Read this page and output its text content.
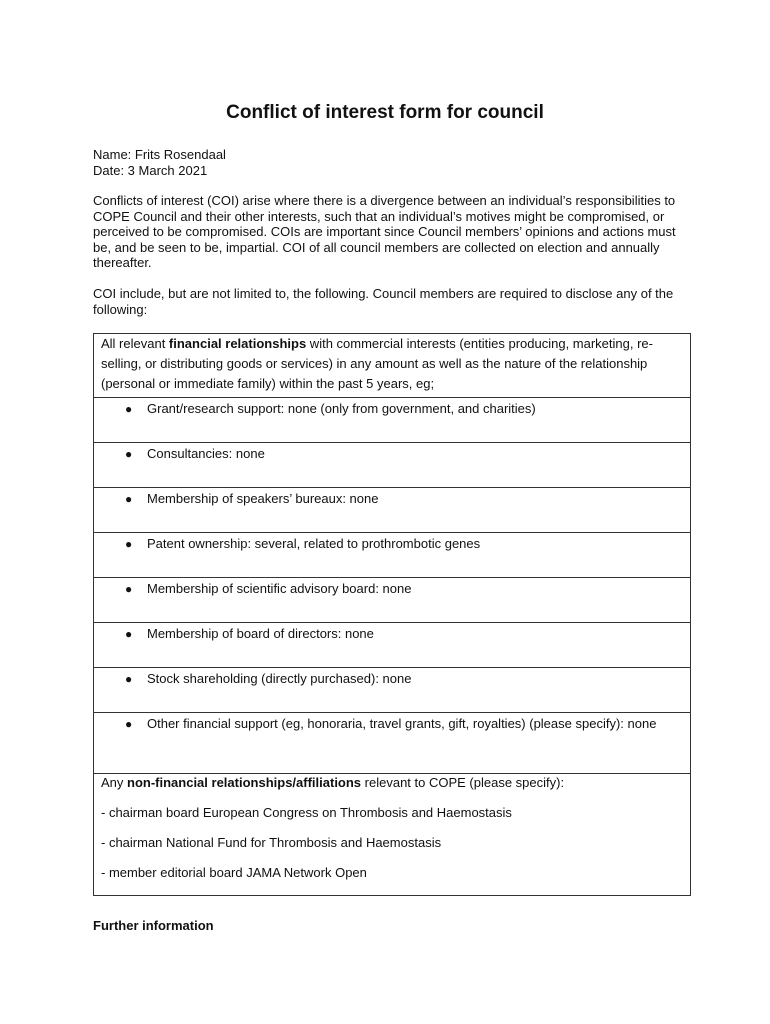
Conflict of interest form for council
Name: Frits Rosendaal
Date: 3 March 2021

Conflicts of interest (COI) arise where there is a divergence between an individual’s responsibilities to COPE Council and their other interests, such that an individual’s motives might be compromised, or perceived to be compromised. COIs are important since Council members’ opinions and actions must be, and be seen to be, impartial. COI of all council members are collected on election and annually thereafter.

COI include, but are not limited to, the following. Council members are required to disclose any of the following:

All relevant financial relationships with commercial interests (entities producing, marketing, re-selling, or distributing goods or services) in any amount as well as the nature of the relationship (personal or immediate family) within the past 5 years, eg;

● Grant/research support: none (only from government, and charities)

● Consultancies: none

● Membership of speakers’ bureaux: none

● Patent ownership: several, related to prothrombotic genes

● Membership of scientific advisory board: none

● Membership of board of directors: none

● Stock shareholding (directly purchased): none

● Other financial support (eg, honoraria, travel grants, gift, royalties) (please specify): none

Any non-financial relationships/affiliations relevant to COPE (please specify):
- chairman board European Congress on Thrombosis and Haemostasis
- chairman National Fund for Thrombosis and Haemostasis
- member editorial board JAMA Network Open
Further information
